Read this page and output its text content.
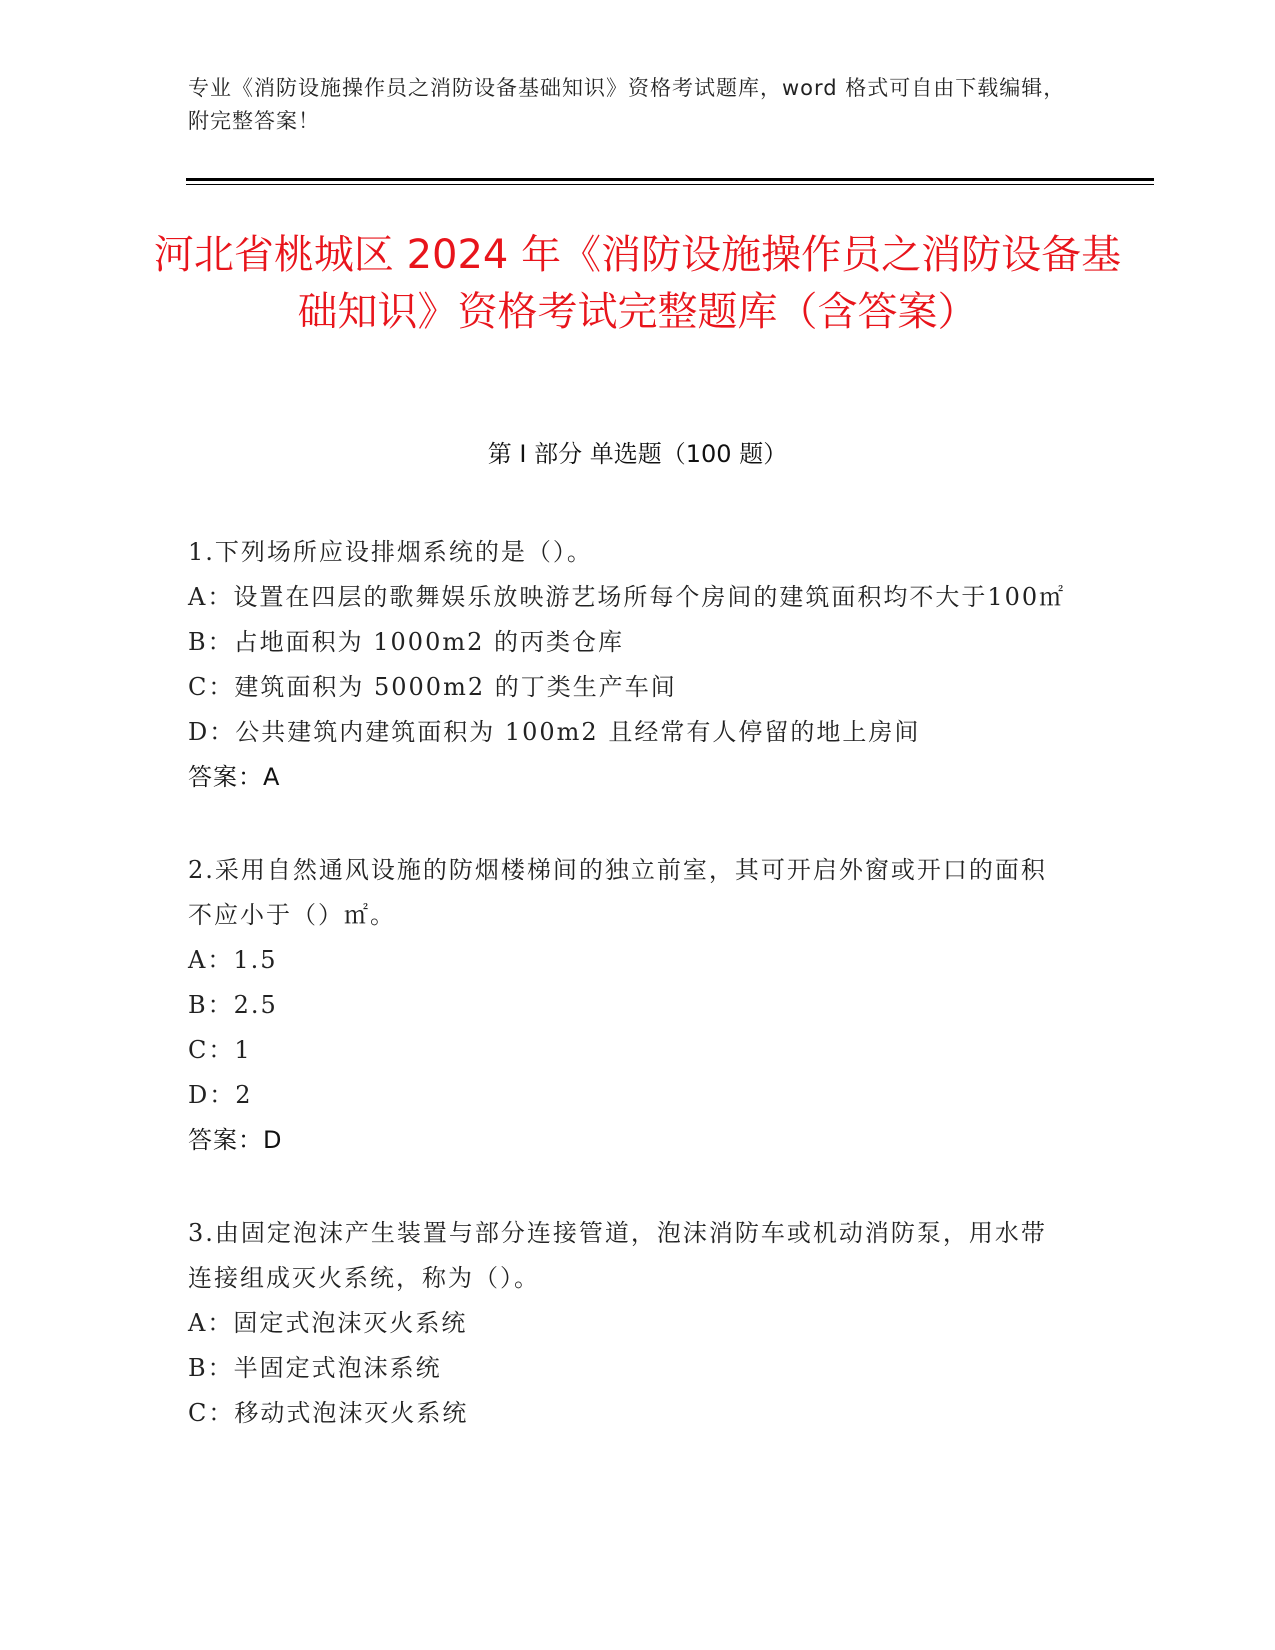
专业《消防设施操作员之消防设备基础知识》资格考试题库，word 格式可自由下载编辑，附完整答案！
河北省桃城区 2024 年《消防设施操作员之消防设备基础知识》资格考试完整题库（含答案）
第 I 部分 单选题（100 题）

1.下列场所应设排烟系统的是（）。

A：设置在四层的歌舞娱乐放映游艺场所每个房间的建筑面积均不大于100㎡

B：占地面积为 1000m2 的丙类仓库

C：建筑面积为 5000m2 的丁类生产车间

D：公共建筑内建筑面积为 100m2 且经常有人停留的地上房间

答案：A

2.采用自然通风设施的防烟楼梯间的独立前室，其可开启外窗或开口的面积不应小于（）㎡。

A：1.5

B：2.5

C：1

D：2

答案：D

3.由固定泡沫产生装置与部分连接管道，泡沫消防车或机动消防泵，用水带连接组成灭火系统，称为（）。

A：固定式泡沫灭火系统

B：半固定式泡沫系统

C：移动式泡沫灭火系统
